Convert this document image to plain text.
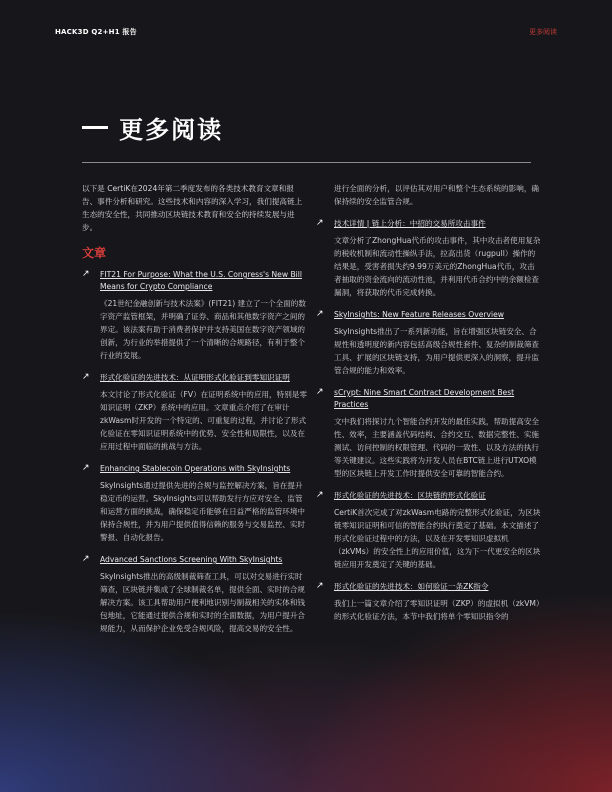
HACK3D Q2+H1 报告	更多阅读
更多阅读

以下是 CertiK在2024年第二季度发布的各类技术教育文章和报告、事件分析和研究。这些技术和内容的深入学习，我们提高链上生态的安全性，共同推动区块链技术教育和安全的持续发展与进步。

文章
↗ FIT21 For Purpose: What the U.S. Congress's New Bill Means for Crypto Compliance

《21世纪金融创新与技术法案》(FIT21) 建立了一个全面的数字资产监管框架，并明确了证券、商品和其他数字资产之间的界定。该法案有助于消费者保护并支持美国在数字资产领域的创新，为行业的举措提供了一个清晰的合规路径，有利于整个行业的发展。

↗ 形式化验证的先进技术：从证明形式化验证到零知识证明

本文讨论了形式化验证（FV）在证明系统中的应用，特别是零知识证明（ZKP）系统中的应用。文章重点介绍了在审计 zkWasm时开发的一个特定的、可重复的过程，并讨论了形式化验证在零知识证明系统中的优势、安全性和局限性，以及在应用过程中面临的挑战与方法。

↗ Enhancing Stablecoin Operations with SkyInsights

SkyInsights通过提供先进的合规与监控解决方案，旨在提升稳定币的运营。SkyInsights可以帮助发行方应对安全、监管和运营方面的挑战，确保稳定币能够在日益严格的监管环境中保持合规性，并为用户提供值得信赖的服务与交易监控、实时警报、自动化报告。

↗ Advanced Sanctions Screening With SkyInsights

SkyInsights推出的高级制裁筛查工具，可以对交易进行实时筛查，区块链并集成了全球制裁名单，提供全面、实时的合规解决方案。该工具帮助用户便利地识别与制裁相关的实体和钱包地址，它能通过提供合规和实时的全面数据，为用户提升合规能力，从而保护企业免受合规风险，提高交易的安全性。

进行全面的分析，以评估其对用户和整个生态系统的影响，确保持续的安全监管合规。

↗ 技术详情 | 链上分析：中招的交易所攻击事件

文章分析了ZhongHua代币的攻击事件，其中攻击者使用复杂的税收机制和流动性操纵手法，拉高出货（rugpull）操作的结果是，受害者损失约9.99万美元的ZhongHua代币，攻击者抽取的资金流向的流动性池，并利用代币合约中的余额检查漏洞，将获取的代币完成转换。

↗ SkyInsights: New Feature Releases Overview

SkyInsights推出了一系列新功能，旨在增强区块链安全、合规性和透明度的新内容包括高级合规性套件、复杂的制裁筛查工具、扩展的区块链支持，为用户提供更深入的洞察，提升监管合规的能力和效率。

↗ sCrypt: Nine Smart Contract Development Best Practices

文中我们将探讨九个智能合约开发的最佳实践，帮助提高安全性、效率，主要涵盖代码结构、合约交互、数据完整性、实施测试、访问控制的权限管理、代码的一致性、以及方法的执行等关键建议。这些实践将为开发人员在BTC链上进行UTXO模型的区块链上开发工作时提供安全可靠的智能合约。

↗ 形式化验证的先进技术：区块链的形式化验证

CertiK首次完成了对zkWasm电路的完整形式化验证，为区块链零知识证明和可信的智能合约执行奠定了基础。本文描述了形式化验证过程中的方法，以及在开发零知识虚拟机（zkVMs）的安全性上的应用价值，这为下一代更安全的区块链应用开发奠定了关键的基础。

↗ 形式化验证的先进技术：如何验证一条ZK指令

我们上一篇文章介绍了零知识证明（ZKP）的虚拟机（zkVM）的形式化验证方法，本节中我们将单个零知识指令的
